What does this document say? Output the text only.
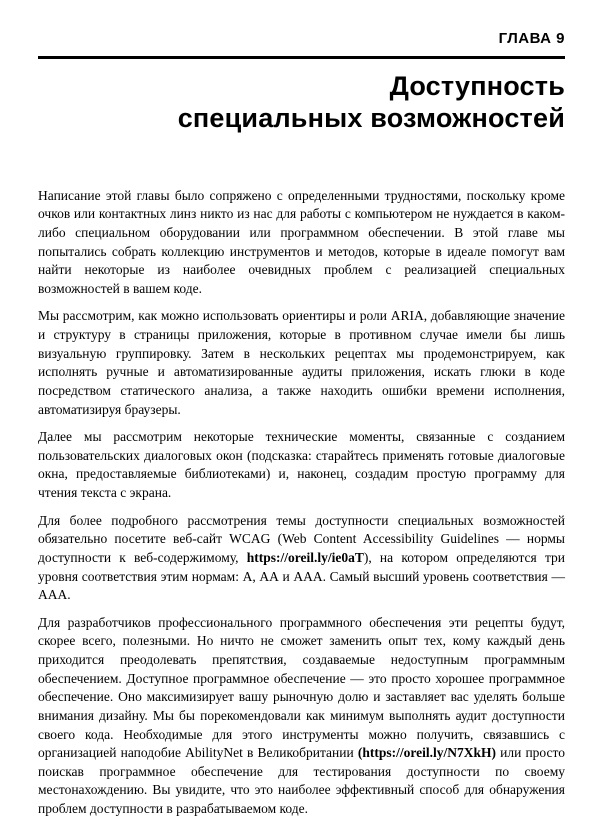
ГЛАВА 9
Доступность
специальных возможностей

Написание этой главы было сопряжено с определенными трудностями, поскольку кроме очков или контактных линз никто из нас для работы с компьютером не нуждается в каком-либо специальном оборудовании или программном обеспечении. В этой главе мы попытались собрать коллекцию инструментов и методов, которые в идеале помогут вам найти некоторые из наиболее очевидных проблем с реализацией специальных возможностей в вашем коде.

Мы рассмотрим, как можно использовать ориентиры и роли ARIA, добавляющие значение и структуру в страницы приложения, которые в противном случае имели бы лишь визуальную группировку. Затем в нескольких рецептах мы продемонстрируем, как исполнять ручные и автоматизированные аудиты приложения, искать глюки в коде посредством статического анализа, а также находить ошибки времени исполнения, автоматизируя браузеры.

Далее мы рассмотрим некоторые технические моменты, связанные с созданием пользовательских диалоговых окон (подсказка: старайтесь применять готовые диалоговые окна, предоставляемые библиотеками) и, наконец, создадим простую программу для чтения текста с экрана.

Для более подробного рассмотрения темы доступности специальных возможностей обязательно посетите веб-сайт WCAG (Web Content Accessibility Guidelines — нормы доступности к веб-содержимому, https://oreil.ly/ie0aT), на котором определяются три уровня соответствия этим нормам: А, АА и ААА. Самый высший уровень соответствия — ААА.

Для разработчиков профессионального программного обеспечения эти рецепты будут, скорее всего, полезными. Но ничто не сможет заменить опыт тех, кому каждый день приходится преодолевать препятствия, создаваемые недоступным программным обеспечением. Доступное программное обеспечение — это просто хорошее программное обеспечение. Оно максимизирует вашу рыночную долю и заставляет вас уделять больше внимания дизайну. Мы бы порекомендовали как минимум выполнять аудит доступности своего кода. Необходимые для этого инструменты можно получить, связавшись с организацией наподобие AbilityNet в Великобритании (https://oreil.ly/N7XkH) или просто поискав программное обеспечение для тестирования доступности по своему местонахождению. Вы увидите, что это наиболее эффективный способ для обнаружения проблем доступности в разрабатываемом коде.
